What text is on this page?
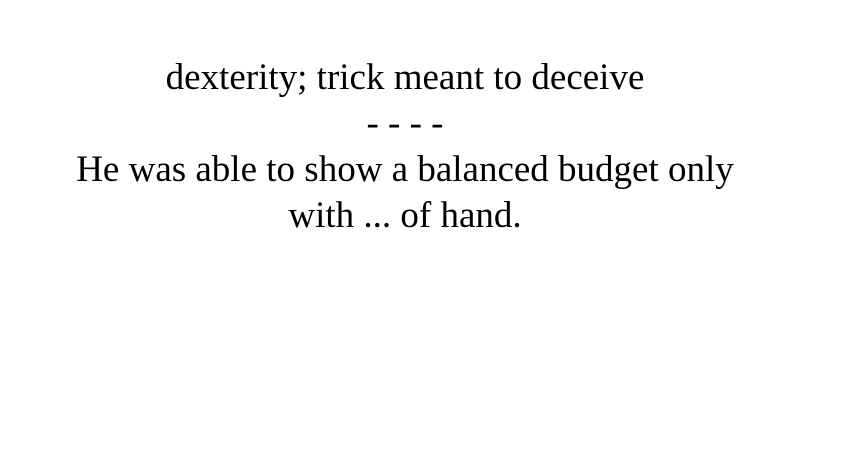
dexterity; trick meant to deceive

- - - -

He was able to show a balanced budget only
with ... of hand.
